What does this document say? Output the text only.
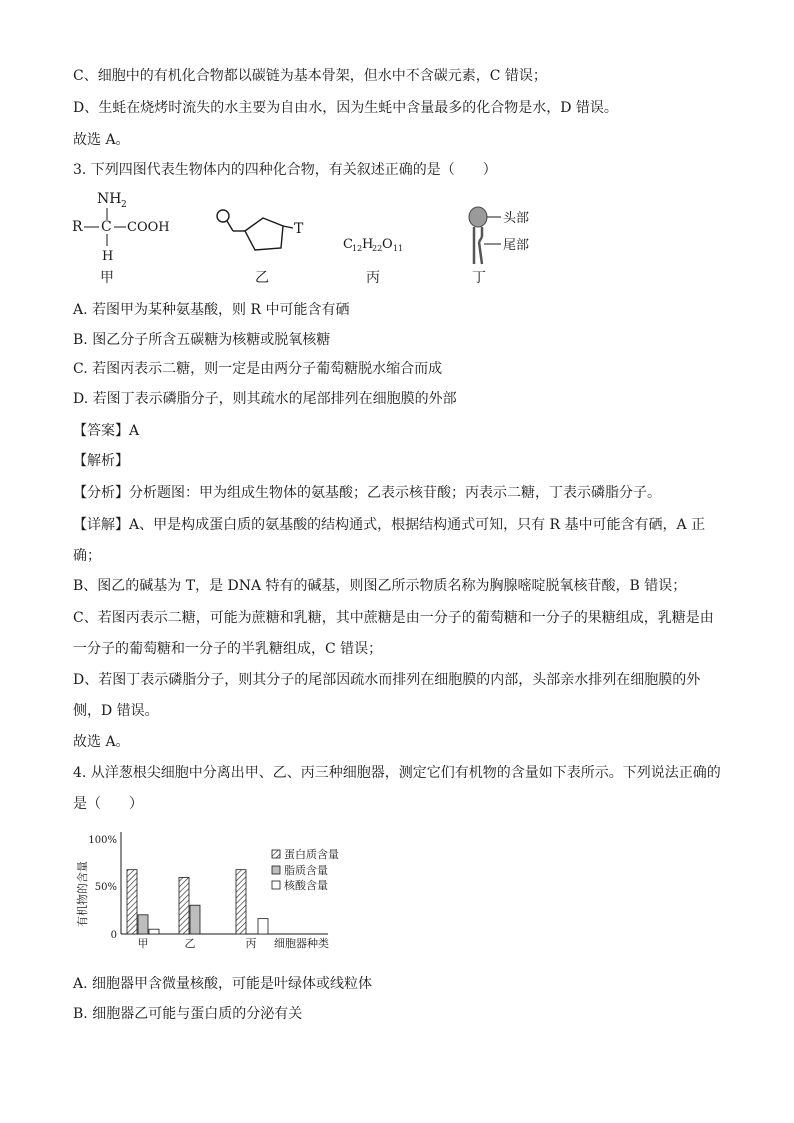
C、细胞中的有机化合物都以碳链为基本骨架，但水中不含碳元素，C 错误；
D、生蚝在烧烤时流失的水主要为自由水，因为生蚝中含量最多的化合物是水，D 错误。
故选 A。
3. 下列四图代表生物体内的四种化合物，有关叙述正确的是（　　）
NH 2
R C COOH
H
甲
T
乙
C 12 H
22 O 11
丙
头部
尾部
丁
A. 若图甲为某种氨基酸，则 R 中可能含有硒
B. 图乙分子所含五碳糖为核糖或脱氧核糖
C. 若图丙表示二糖，则一定是由两分子葡萄糖脱水缩合而成
D. 若图丁表示磷脂分子，则其疏水的尾部排列在细胞膜的外部
【答案】A
【解析】
【分析】分析题图：甲为组成生物体的氨基酸；乙表示核苷酸；丙表示二糖，丁表示磷脂分子。
【详解】A、甲是构成蛋白质的氨基酸的结构通式，根据结构通式可知，只有 R 基中可能含有硒，A 正
确；
B、图乙的碱基为 T，是 DNA 特有的碱基，则图乙所示物质名称为胸腺嘧啶脱氧核苷酸，B 错误；
C、若图丙表示二糖，可能为蔗糖和乳糖，其中蔗糖是由一分子的葡萄糖和一分子的果糖组成，乳糖是由
一分子的葡萄糖和一分子的半乳糖组成，C 错误；
D、若图丁表示磷脂分子，则其分子的尾部因疏水而排列在细胞膜的内部，头部亲水排列在细胞膜的外
侧，D 错误。
故选 A。
4. 从洋葱根尖细胞中分离出甲、乙、丙三种细胞器，测定它们有机物的含量如下表所示。下列说法正确的
是（　　）
有机物的含量
100%
50%
0
甲	乙	丙 细胞器种类
蛋白质含量
脂质含量
核酸含量
A. 细胞器甲含微量核酸，可能是叶绿体或线粒体
B. 细胞器乙可能与蛋白质的分泌有关
